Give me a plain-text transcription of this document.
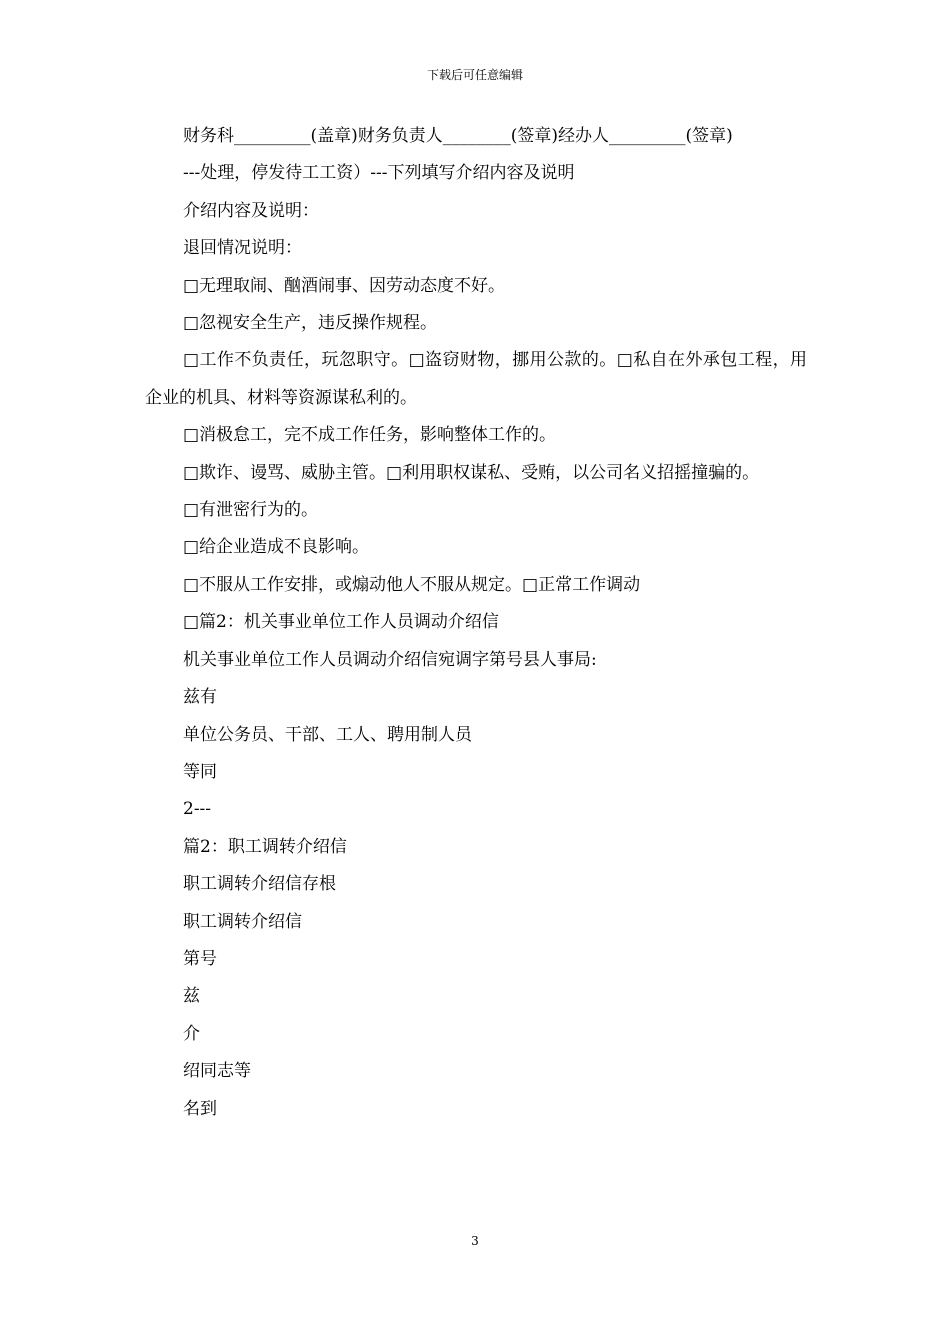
下载后可任意编辑

财务科_________(盖章)财务负责人________(签章)经办人_________(签章)

---处理，停发待工工资）---下列填写介绍内容及说明

介绍内容及说明：

退回情况说明：

□无理取闹、酗酒闹事、因劳动态度不好。

□忽视安全生产，违反操作规程。

□工作不负责任，玩忽职守。□盗窃财物，挪用公款的。□私自在外承包工程，用企业的机具、材料等资源谋私利的。

□消极怠工，完不成工作任务，影响整体工作的。

□欺诈、谩骂、威胁主管。□利用职权谋私、受贿，以公司名义招摇撞骗的。

□有泄密行为的。

□给企业造成不良影响。

□不服从工作安排，或煽动他人不服从规定。□正常工作调动

□篇2：机关事业单位工作人员调动介绍信

机关事业单位工作人员调动介绍信宛调字第号县人事局:

兹有

单位公务员、干部、工人、聘用制人员

等同

2---

篇2：职工调转介绍信

职工调转介绍信存根

职工调转介绍信

第号

兹

介

绍同志等

名到

3
